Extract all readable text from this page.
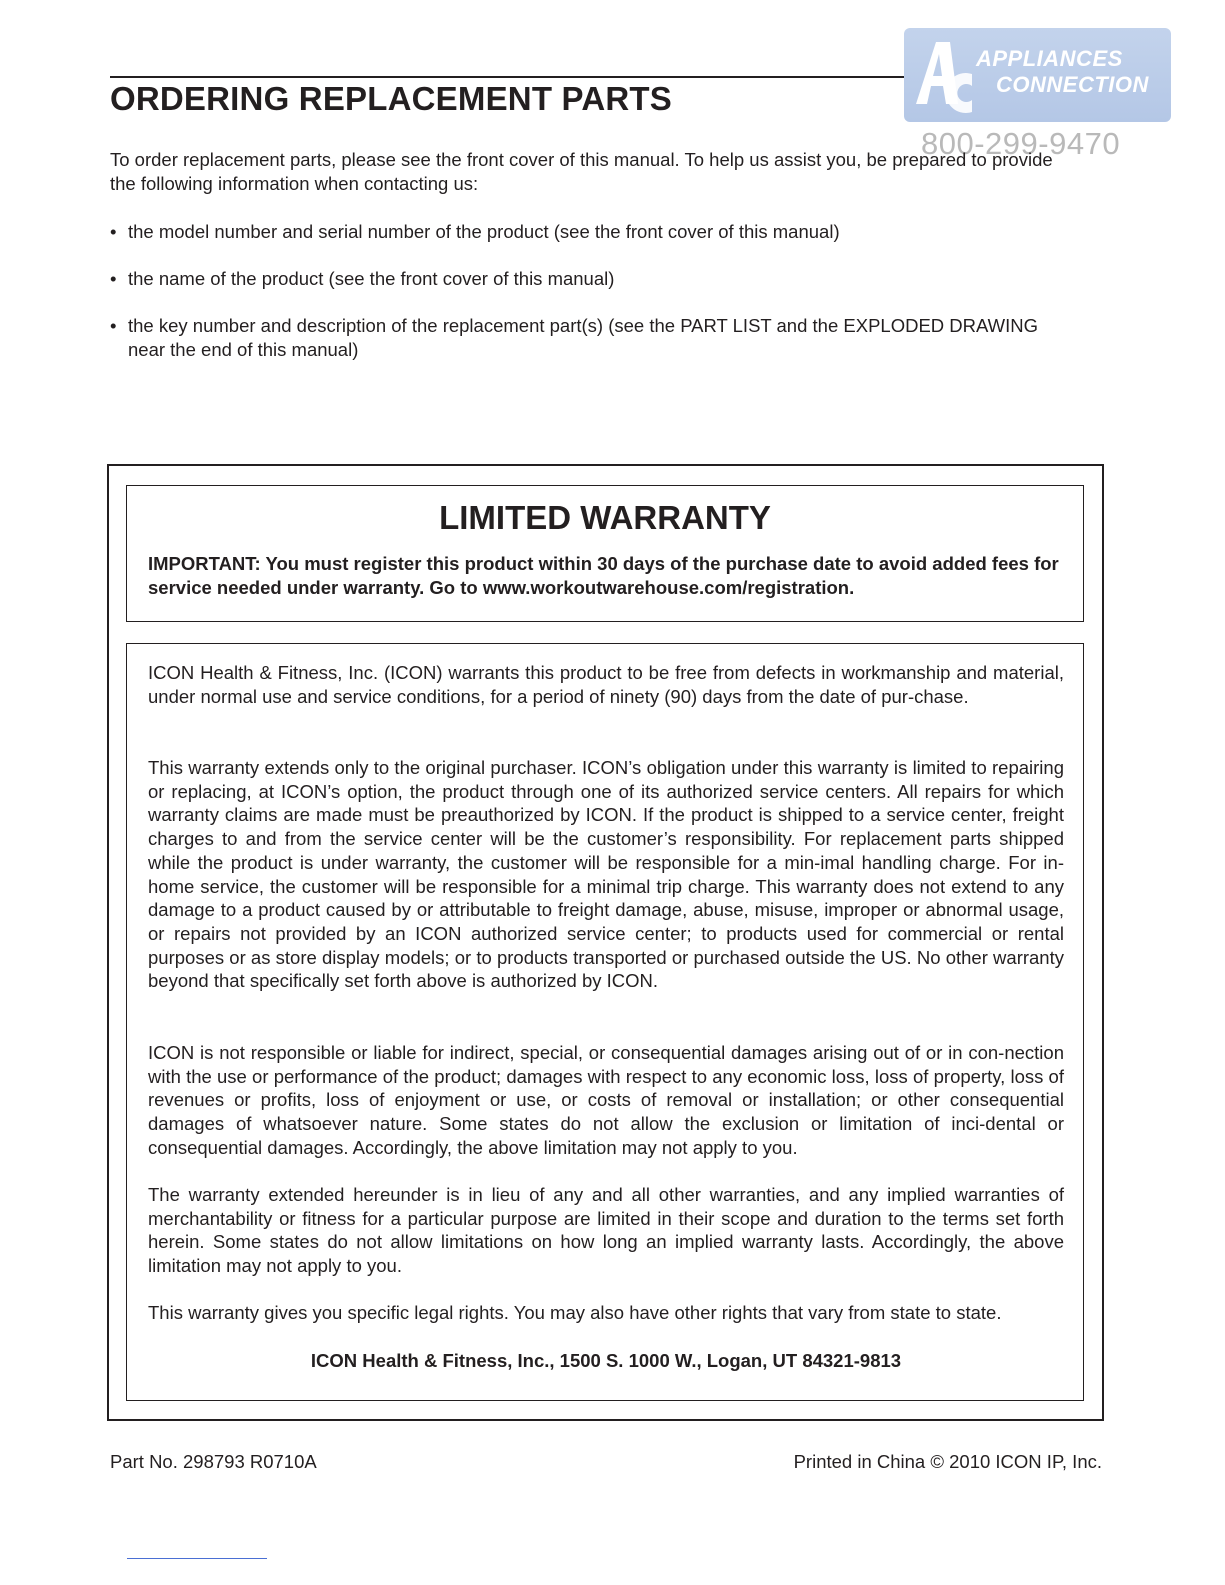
ORDERING REPLACEMENT PARTS
APPLIANCES
CONNECTION
800-299-9470

To order replacement parts, please see the front cover of this manual. To help us assist you, be prepared to provide the following information when contacting us:

• the model number and serial number of the product (see the front cover of this manual)
• the name of the product (see the front cover of this manual)
• the key number and description of the replacement part(s) (see the PART LIST and the EXPLODED DRAWING near the end of this manual)
LIMITED WARRANTY

IMPORTANT: You must register this product within 30 days of the purchase date to avoid added fees for service needed under warranty. Go to www.workoutwarehouse.com/registration.

ICON Health & Fitness, Inc. (ICON) warrants this product to be free from defects in workmanship and material, under normal use and service conditions, for a period of ninety (90) days from the date of pur-chase.

This warranty extends only to the original purchaser. ICON’s obligation under this warranty is limited to repairing or replacing, at ICON’s option, the product through one of its authorized service centers. All repairs for which warranty claims are made must be preauthorized by ICON. If the product is shipped to a service center, freight charges to and from the service center will be the customer’s responsibility. For replacement parts shipped while the product is under warranty, the customer will be responsible for a min-imal handling charge. For in-home service, the customer will be responsible for a minimal trip charge. This warranty does not extend to any damage to a product caused by or attributable to freight damage, abuse, misuse, improper or abnormal usage, or repairs not provided by an ICON authorized service center; to products used for commercial or rental purposes or as store display models; or to products transported or purchased outside the US. No other warranty beyond that specifically set forth above is authorized by ICON.

ICON is not responsible or liable for indirect, special, or consequential damages arising out of or in con-nection with the use or performance of the product; damages with respect to any economic loss, loss of property, loss of revenues or profits, loss of enjoyment or use, or costs of removal or installation; or other consequential damages of whatsoever nature. Some states do not allow the exclusion or limitation of inci-dental or consequential damages. Accordingly, the above limitation may not apply to you.

The warranty extended hereunder is in lieu of any and all other warranties, and any implied warranties of merchantability or fitness for a particular purpose are limited in their scope and duration to the terms set forth herein. Some states do not allow limitations on how long an implied warranty lasts. Accordingly, the above limitation may not apply to you.

This warranty gives you specific legal rights. You may also have other rights that vary from state to state.

ICON Health & Fitness, Inc., 1500 S. 1000 W., Logan, UT 84321-9813

Part No. 298793 R0710A	Printed in China © 2010 ICON IP, Inc.
